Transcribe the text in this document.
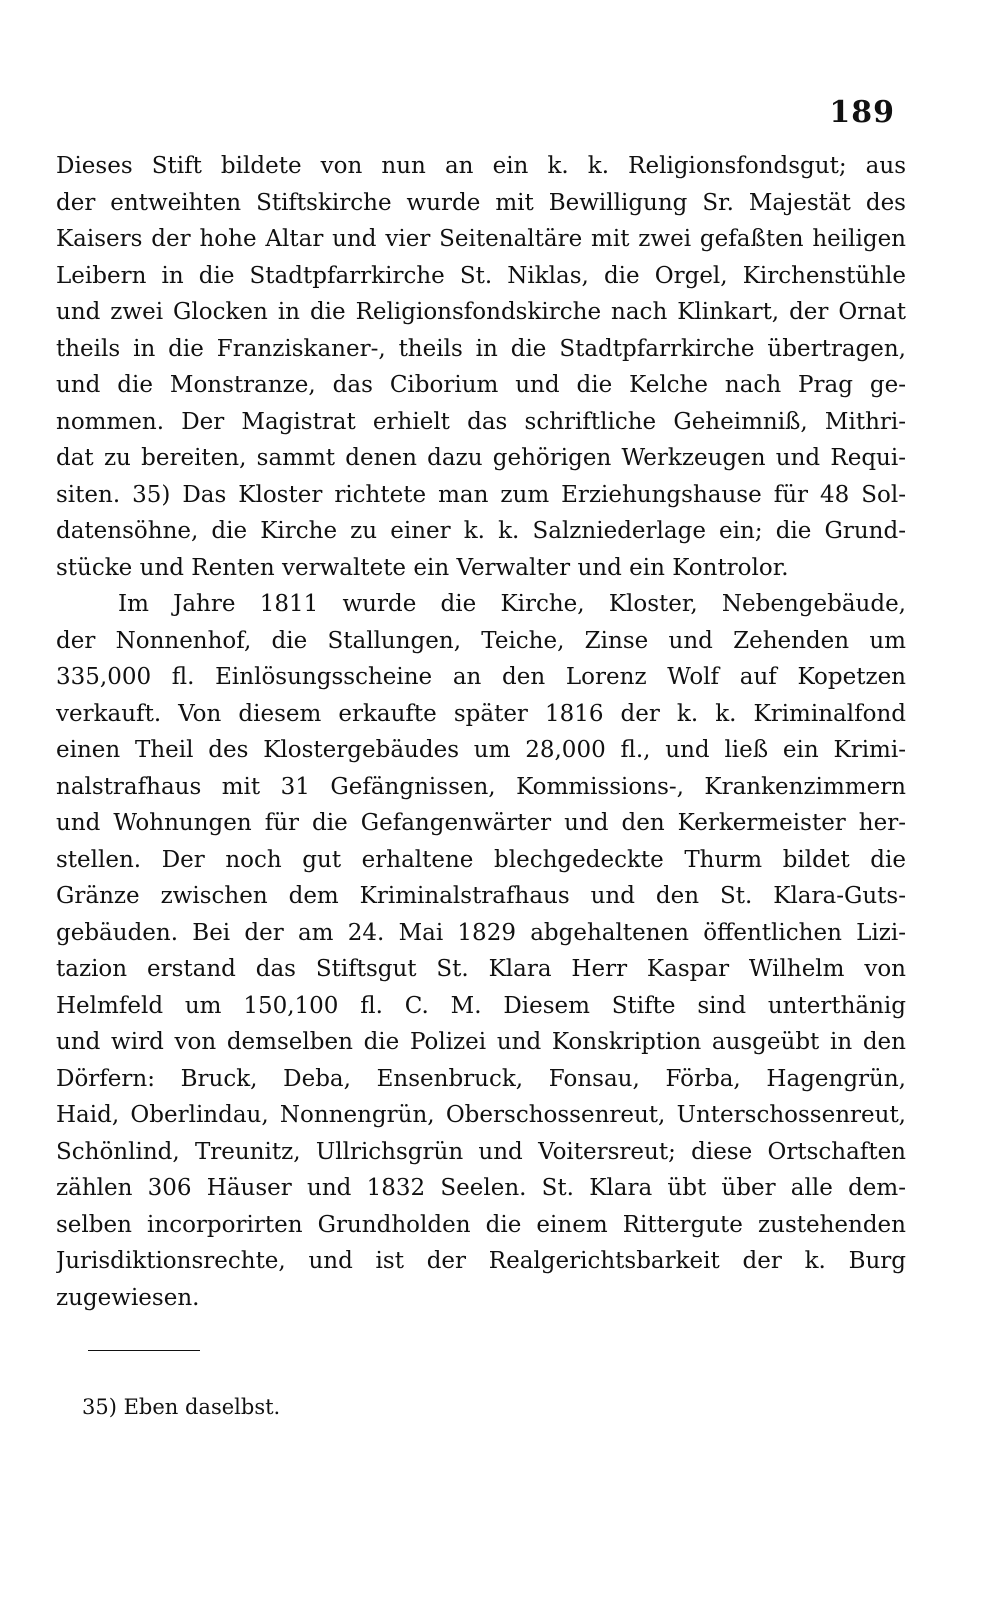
189
Dieses Stift bildete von nun an ein k. k. Religionsfondsgut; aus
der entweihten Stiftskirche wurde mit Bewilligung Sr. Majestät des
Kaisers der hohe Altar und vier Seitenaltäre mit zwei gefaßten heiligen
Leibern in die Stadtpfarrkirche St. Niklas, die Orgel, Kirchenstühle
und zwei Glocken in die Religionsfondskirche nach Klinkart, der Ornat
theils in die Franziskaner-, theils in die Stadtpfarrkirche übertragen,
und die Monstranze, das Ciborium und die Kelche nach Prag ge-
nommen. Der Magistrat erhielt das schriftliche Geheimniß, Mithri-
dat zu bereiten, sammt denen dazu gehörigen Werkzeugen und Requi-
siten. 35) Das Kloster richtete man zum Erziehungshause für 48 Sol-
datensöhne, die Kirche zu einer k. k. Salzniederlage ein; die Grund-
stücke und Renten verwaltete ein Verwalter und ein Kontrolor.
Im Jahre 1811 wurde die Kirche, Kloster, Nebengebäude,
der Nonnenhof, die Stallungen, Teiche, Zinse und Zehenden um
335,000 fl. Einlösungsscheine an den Lorenz Wolf auf Kopetzen
verkauft. Von diesem erkaufte später 1816 der k. k. Kriminalfond
einen Theil des Klostergebäudes um 28,000 fl., und ließ ein Krimi-
nalstrafhaus mit 31 Gefängnissen, Kommissions-, Krankenzimmern
und Wohnungen für die Gefangenwärter und den Kerkermeister her-
stellen. Der noch gut erhaltene blechgedeckte Thurm bildet die
Gränze zwischen dem Kriminalstrafhaus und den St. Klara-Guts-
gebäuden. Bei der am 24. Mai 1829 abgehaltenen öffentlichen Lizi-
tazion erstand das Stiftsgut St. Klara Herr Kaspar Wilhelm von
Helmfeld um 150,100 fl. C. M. Diesem Stifte sind unterthänig
und wird von demselben die Polizei und Konskription ausgeübt in den
Dörfern: Bruck, Deba, Ensenbruck, Fonsau, Förba, Hagengrün,
Haid, Oberlindau, Nonnengrün, Oberschossenreut, Unterschossenreut,
Schönlind, Treunitz, Ullrichsgrün und Voitersreut; diese Ortschaften
zählen 306 Häuser und 1832 Seelen. St. Klara übt über alle dem-
selben incorporirten Grundholden die einem Rittergute zustehenden
Jurisdiktionsrechte, und ist der Realgerichtsbarkeit der k. Burg
zugewiesen.
35) Eben daselbst.
